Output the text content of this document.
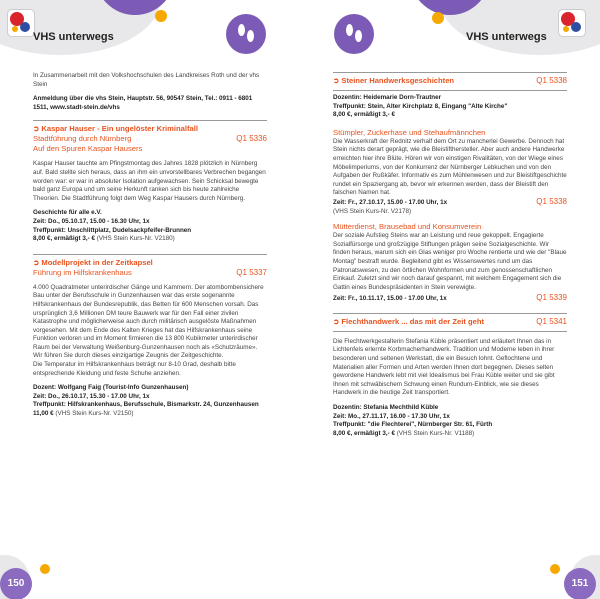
VHS unterwegs

In Zusammenarbeit mit den Volkshochschulen des Landkreises Roth und der vhs Stein

Anmeldung über die vhs Stein, Hauptstr. 56, 90547 Stein, Tel.: 0911 - 6801 1511, www.stadt-stein.de/vhs

➲ Kaspar Hauser - Ein ungelöster Kriminalfall
Stadtführung durch Nürnberg	Q1 5336
Auf den Spuren Kaspar Hausers

Kaspar Hauser tauchte am Pfingstmontag des Jahres 1828 plötzlich in Nürnberg auf. Bald stellte sich heraus, dass an ihm ein unvorstellbares Verbrechen begangen worden war: er war in absoluter Isolation aufgewachsen. Sein Schicksal bewegte bald ganz Europa und um seine Herkunft ranken sich bis heute zahlreiche Theorien. Die Stadtführung folgt dem Weg Kaspar Hausers durch Nürnberg.

Geschichte für alle e.V.
Zeit: Do., 05.10.17, 15.00 - 16.30 Uhr, 1x
Treffpunkt: Unschlittplatz, Dudelsackpfeifer-Brunnen
8,00 €, ermäßigt 3,- € (VHS Stein Kurs-Nr. V2180)
➲ Modellprojekt in der Zeitkapsel
Führung im Hilfskrankenhaus	Q1 5337
4.000 Quadratmeter unterirdischer Gänge und Kammern. Der atombombensichere Bau unter der Berufsschule in Gunzenhausen war das erste sogenannte Hilfskrankenhaus der Bundesrepublik, das Betten für 600 Menschen vorsah. Das ursprünglich 3,6 Millionen DM teure Bauwerk war für den Fall einer zivilen Katastrophe und möglicherweise auch durch militärisch ausgelöste Maßnahmen vorgesehen. Mit dem Ende des Kalten Krieges hat das Hilfskrankenhaus seine Funktion verloren und im Moment firmieren die 13 800 Kubikmeter unterirdischer Raum bei der Verwaltung Weißenburg-Gunzenhausen noch als «Schutzräume». Wir führen Sie durch dieses einzigartige Zeugnis der Zeitgeschichte.

Die Temperatur im Hilfskrankenhaus beträgt nur 8-10 Grad, deshalb bitte entsprechende Kleidung und feste Schuhe anziehen.

Dozent: Wolfgang Faig (Tourist-Info Gunzenhausen)
Zeit: Do., 26.10.17, 15.30 - 17.00 Uhr, 1x
Treffpunkt: Hilfskrankenhaus, Berufsschule, Bismarkstr. 24, Gunzenhausen
11,00 € (VHS Stein Kurs-Nr. V2150)
150
VHS unterwegs
➲ Steiner Handwerksgeschichten	Q1 5338
Dozentin: Heidemarie Dorn-Trautner
Treffpunkt: Stein, Alter Kirchplatz 8, Eingang "Alte Kirche"
8,00 €, ermäßigt 3,- €
Stümpler, Zuckerhase und Stehaufmännchen
Die Wasserkraft der Rednitz verhalf dem Ort zu mancherlei Gewerbe. Dennoch hat Stein nichts derart geprägt, wie die Bleistifthersteller. Aber auch andere Handwerke erreichten hier ihre Blüte. Hören wir von einstigen Rivalitäten, von der Wiege eines Möbelimperiums, von der Konkurrenz der Nürnberger Lebkuchen und von den Aufgaben der Rußkäfer. Informativ es zum Mühlenwesen und zur Bleistiftgeschichte rundet ein Spaziergang ab, bevor wir erkennen werden, dass der Bleistift den falschen Namen hat.
Zeit: Fr., 27.10.17, 15.00 - 17.00 Uhr, 1x	Q1 5338
(VHS Stein Kurs-Nr. V2178)
Mütterdienst, Brausebad und Konsumverein
Der soziale Aufstieg Steins war an Leistung und reue gekoppelt. Engagierte Sozialfürsorge und großzügige Stiftungen prägen seine Sozialgeschichte. Wir finden heraus, warum sich ein Glas weniger pro Woche rentierte und wie der "Blaue Montag" bestraft wurde. Begleitend gibt es Wissenswertes rund um das Patronatswesen, zu den örtlichen Wohnformen und zum genossenschaftlichen Einkauf. Zuletzt sind wir noch darauf gespannt, mit welchem Engagement sich die Gattin eines Bundespräsidenten in Stein verewigte.
Zeit: Fr., 10.11.17, 15.00 - 17.00 Uhr, 1x	Q1 5339
➲ Flechthandwerk ... das mit der Zeit geht	Q1 5341

Die Flechtwerkgestalterin Stefania Küble präsentiert und erläutert Ihnen das in Lichtenfels erlernte Korbmacherhandwerk. Tradition und Moderne leben in ihrer besonderen und seltenen Werkstatt, die ein Besuch lohnt. Geflochtene und Materialien aller Formen und Arten werden Ihnen dort begegnen. Dieses selten gewordene Handwerk lebt mit viel Idealismus bei Frau Küble weiter und sie gibt Ihnen mit schwäbischem Schwung einen Rundum-Einblick, wie sie dieses Handwerk in die heutige Zeit transportiert.

Dozentin: Stefania Mechthild Küble
Zeit: Mo., 27.11.17, 16.00 - 17.30 Uhr, 1x
Treffpunkt: "die Flechterei", Nürnberger Str. 61, Fürth
8,00 €, ermäßigt 3,- € (VHS Stein Kurs-Nr. V1188)
151
